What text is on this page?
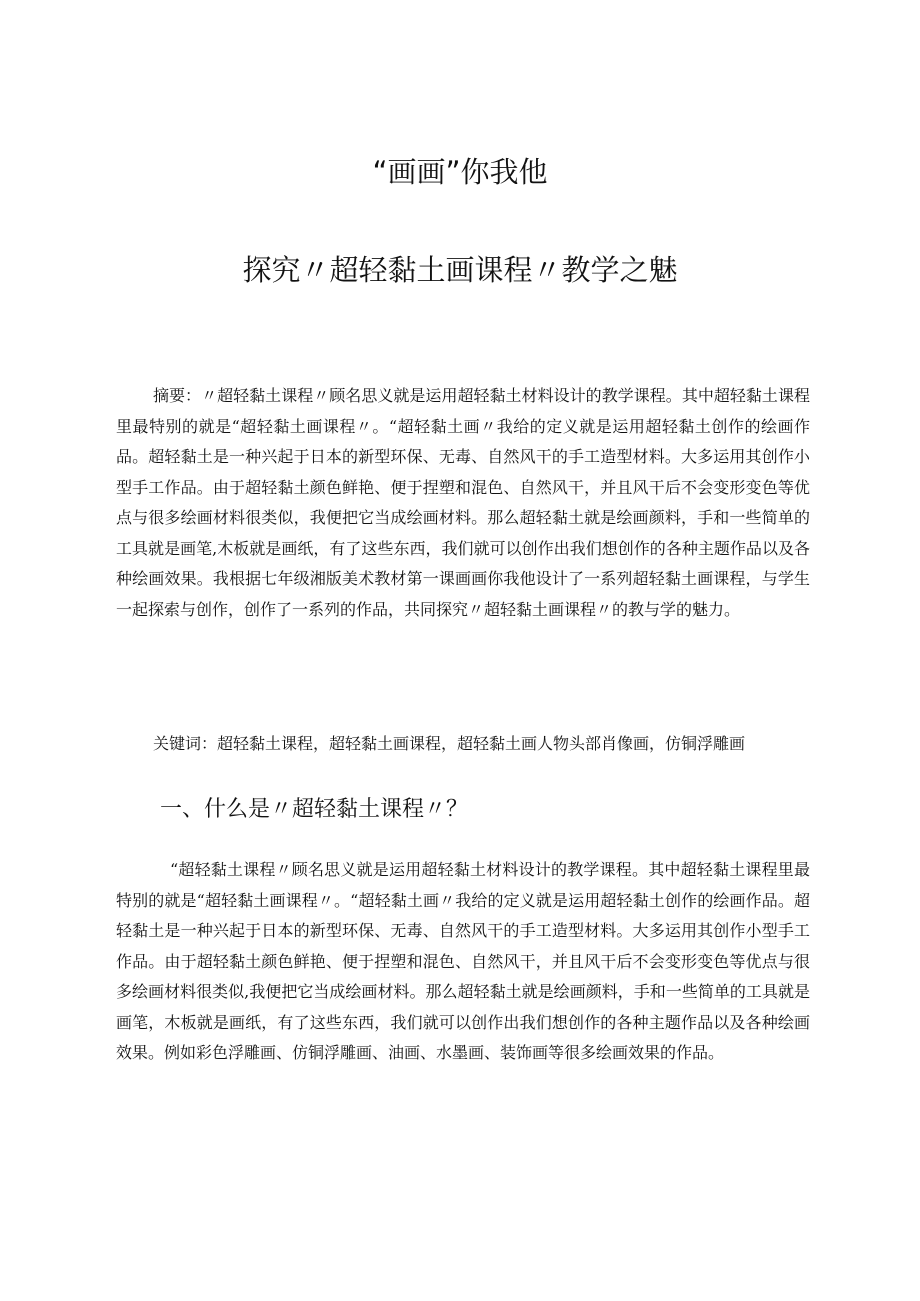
“画画”你我他
探究〃超轻黏土画课程〃教学之魅

摘要：〃超轻黏土课程〃顾名思义就是运用超轻黏土材料设计的教学课程。其中超轻黏土课程里最特别的就是“超轻黏土画课程〃。“超轻黏土画〃我给的定义就是运用超轻黏土创作的绘画作品。超轻黏土是一种兴起于日本的新型环保、无毒、自然风干的手工造型材料。大多运用其创作小型手工作品。由于超轻黏土颜色鲜艳、便于捏塑和混色、自然风干，并且风干后不会变形变色等优点与很多绘画材料很类似，我便把它当成绘画材料。那么超轻黏土就是绘画颜料，手和一些简单的工具就是画笔,木板就是画纸，有了这些东西，我们就可以创作出我们想创作的各种主题作品以及各种绘画效果。我根据七年级湘版美术教材第一课画画你我他设计了一系列超轻黏土画课程，与学生一起探索与创作，创作了一系列的作品，共同探究〃超轻黏土画课程〃的教与学的魅力。

关键词：超轻黏土课程，超轻黏土画课程，超轻黏土画人物头部肖像画，仿铜浮雕画

一、什么是〃超轻黏土课程〃？

“超轻黏土课程〃顾名思义就是运用超轻黏土材料设计的教学课程。其中超轻黏土课程里最特别的就是“超轻黏土画课程〃。“超轻黏土画〃我给的定义就是运用超轻黏土创作的绘画作品。超轻黏土是一种兴起于日本的新型环保、无毒、自然风干的手工造型材料。大多运用其创作小型手工作品。由于超轻黏土颜色鲜艳、便于捏塑和混色、自然风干，并且风干后不会变形变色等优点与很多绘画材料很类似,我便把它当成绘画材料。那么超轻黏土就是绘画颜料，手和一些简单的工具就是画笔，木板就是画纸，有了这些东西，我们就可以创作出我们想创作的各种主题作品以及各种绘画效果。例如彩色浮雕画、仿铜浮雕画、油画、水墨画、装饰画等很多绘画效果的作品。
